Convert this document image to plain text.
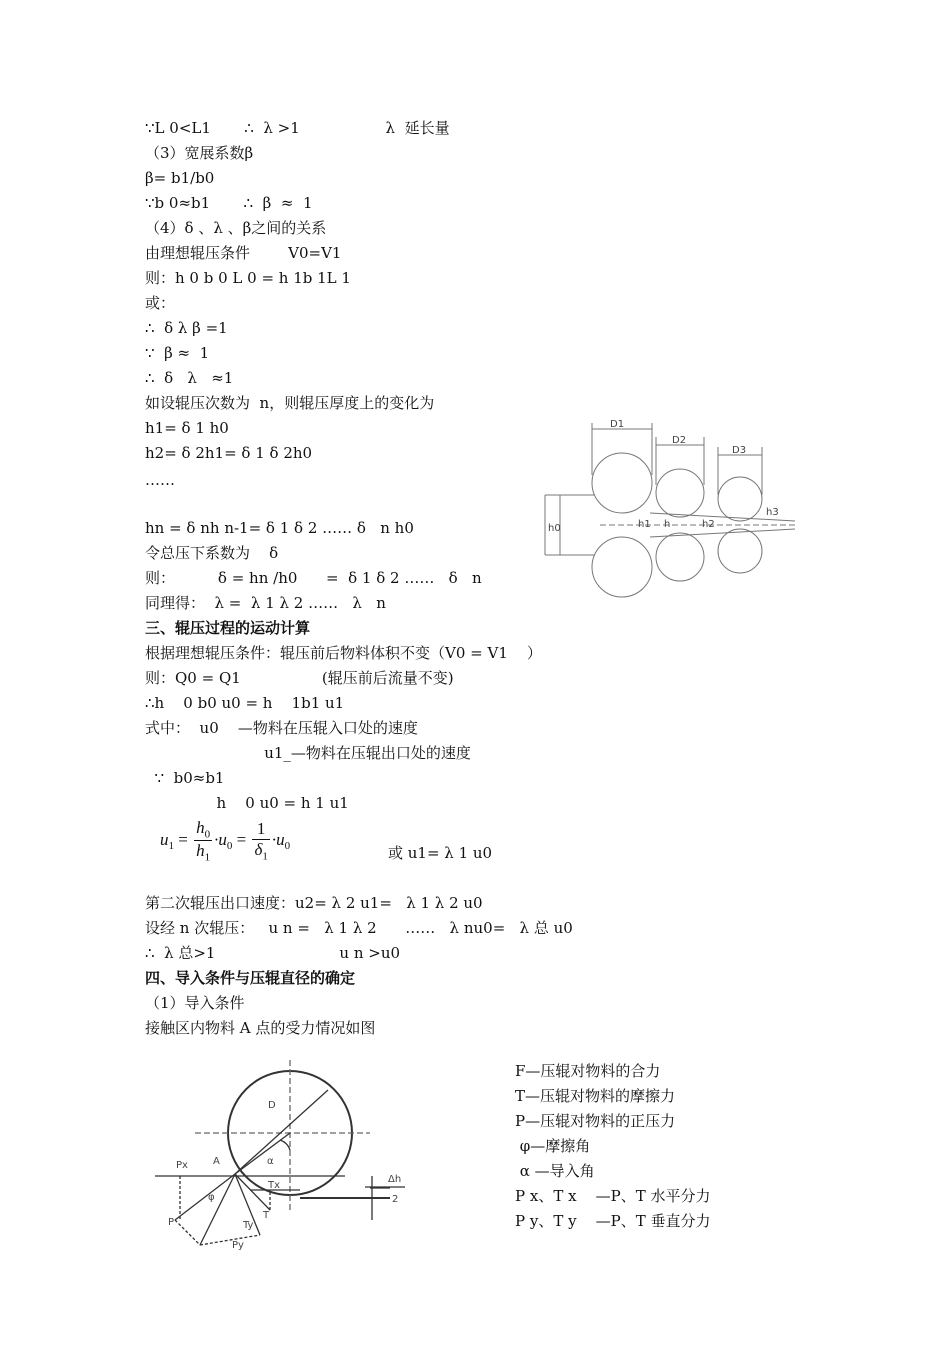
∵L 0<L1       ∴  λ >1                  λ  延长量
（3）宽展系数β
β= b1/b0
∵b 0≈b1       ∴  β  ≈  1
（4）δ 、λ 、β之间的关系
由理想辊压条件        V0=V1
则：h 0 b 0 L 0 = h 1b 1L 1
或：
∴  δ λ β =1
∵  β ≈  1
∴  δ   λ   ≈1
如设辊压次数为  n，则辊压厚度上的变化为
h1= δ 1 h0
h2= δ 2h1= δ 1 δ 2h0
……
hn = δ nh n-1= δ 1 δ 2 …… δ   n h0
令总压下系数为    δ
则：         δ = hn /h0      =  δ 1 δ 2 ……   δ   n
同理得：  λ =  λ 1 λ 2 ……   λ   n
三、辊压过程的运动计算
根据理想辊压条件：辊压前后物料体积不变（V0 = V1    ）
则：Q0 = Q1                 (辊压前后流量不变)
∴h    0 b0 u0 = h    1b1 u1
式中：  u0    —物料在压辊入口处的速度
u1_—物料在压辊出口处的速度
∵  b0≈b1
h    0 u0 = h 1 u1
第二次辊压出口速度：u2= λ 2 u1=   λ 1 λ 2 u0
设经 n 次辊压：   u n =   λ 1 λ 2      ……   λ nu0=   λ 总 u0
∴  λ 总>1                          u n >u0
四、导入条件与压辊直径的确定
（1）导入条件
接触区内物料 A 点的受力情况如图
$u_1 = \frac{h_0}{h_1} \cdot u_0 = \frac{1}{\delta_1} \cdot u_0$	或 u1= λ 1 u0
D1
D2
D3
h0	h1 h	h2
h3
D
α
A
Px
φ
P
Tx
T
Ty
Py
Δh
2
F—压辊对物料的合力
T—压辊对物料的摩擦力
P—压辊对物料的正压力
φ—摩擦角
α —导入角
P x、T x    —P、T 水平分力
P y、T y    —P、T 垂直分力
